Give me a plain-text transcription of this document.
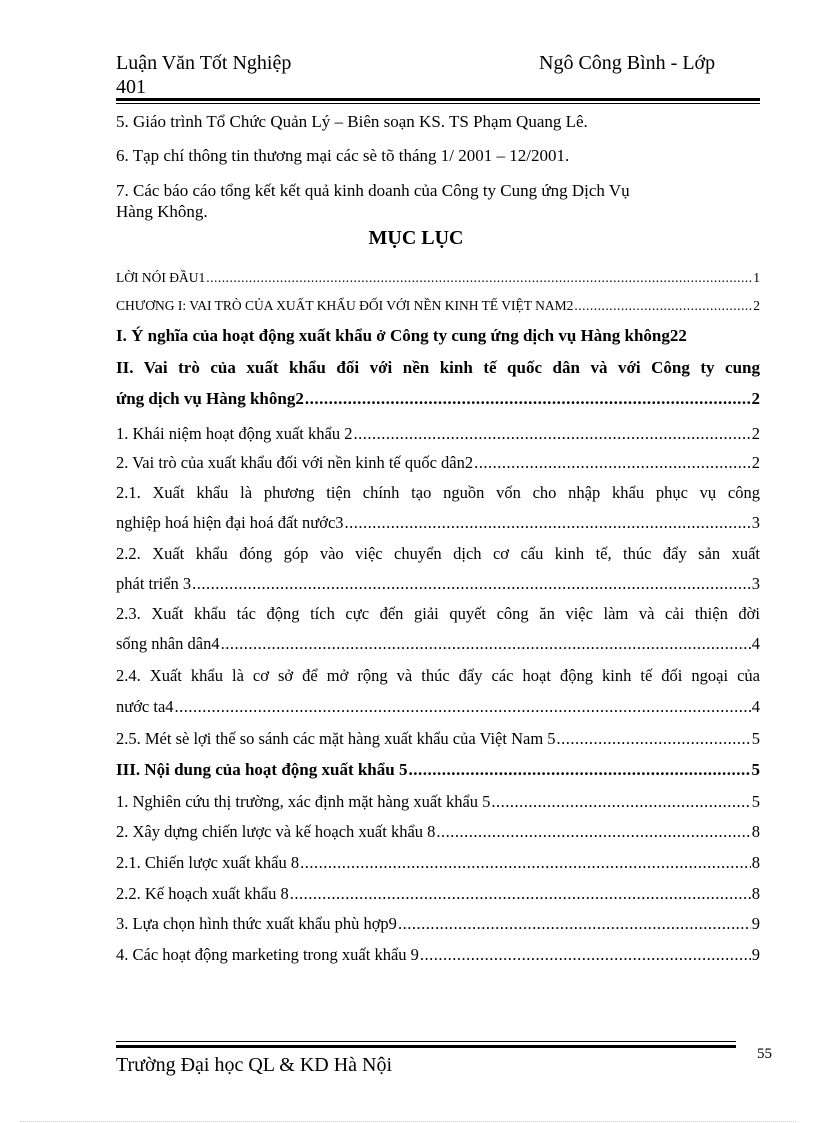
Luận Văn Tốt Nghiệp
401
Ngô Công Bình - Lớp
5. Giáo trình Tổ Chức Quản Lý – Biên soạn KS. TS Phạm Quang Lê.
6. Tạp chí thông tin thương mại các sè tõ tháng 1/ 2001 – 12/2001.
7. Các báo cáo tổng kết kết quả kinh doanh của Công ty Cung ứng Dịch Vụ
Hàng Không.
MỤC LỤC
LỜI NÓI ĐẦU1 .....	1
CHƯƠNG I: VAI TRÒ CỦA XUẤT KHẨU ĐỐI VỚI NỀN KINH TẾ VIỆT NAM2 .....	2
I. Ý nghĩa của hoạt động xuất khẩu ở Công ty cung ứng dịch vụ Hàng không22
II. Vai trò của xuất khẩu đối với nền kinh tế quốc dân và với Công ty cung
ứng dịch vụ Hàng không2 .....	2
1. Khái niệm hoạt động xuất khẩu 2 .....	2
2. Vai trò của xuất khẩu đối với nền kinh tế quốc dân2 .....	2
2.1. Xuất khẩu là phương tiện chính tạo nguồn vốn cho nhập khẩu phục vụ công
nghiệp hoá hiện đại hoá đất nước3 .....	3
2.2. Xuất khẩu đóng góp vào việc chuyển dịch cơ cấu kinh tế, thúc đẩy sản xuất
phát triển 3 .....	3
2.3. Xuất khẩu tác động tích cực đến giải quyết công ăn việc làm và cải thiện đời
sống nhân dân4 .....	4
2.4. Xuất khẩu là cơ sở để mở rộng và thúc đẩy các hoạt động kinh tế đối ngoại của
nước ta4 .....	4
2.5. Mét sè lợi thế so sánh các mặt hàng xuất khẩu của Việt Nam 5 .....	5
III. Nội dung của hoạt động xuất khẩu 5 .....	5
1. Nghiên cứu thị trường, xác định mặt hàng xuất khẩu 5 .....	5
2. Xây dựng chiến lược và kế hoạch xuất khẩu 8 .....	8
2.1. Chiến lược xuất khẩu 8 .....	8
2.2. Kế hoạch xuất khẩu 8 .....	8
3. Lựa chọn hình thức xuất khẩu phù hợp9 .....	9
4. Các hoạt động marketing trong xuất khẩu 9 .....	9
Trường Đại học QL & KD Hà Nội	55
